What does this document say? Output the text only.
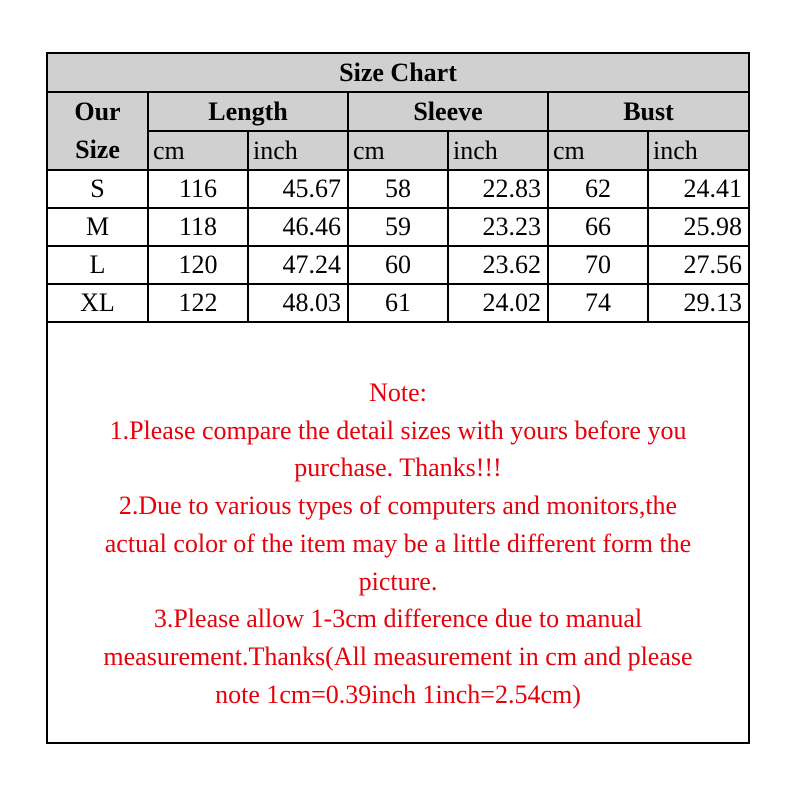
Size Chart						

Our
Size	Length		Sleeve		Bust	
	cm	inch	cm	inch	cm	inch
S	116	45.67	58	22.83	62	24.41
M	118	46.46	59	23.23	66	25.98
L	120	47.24	60	23.62	70	27.56
XL	122	48.03	61	24.02	74	29.13
Note:
1.Please compare the detail sizes with yours before you
purchase. Thanks!!!
2.Due to various types of computers and monitors,the
actual color of the item may be a little different form the
picture.
3.Please allow 1-3cm difference due to manual
measurement.Thanks(All measurement in cm and please
note 1cm=0.39inch 1inch=2.54cm)
